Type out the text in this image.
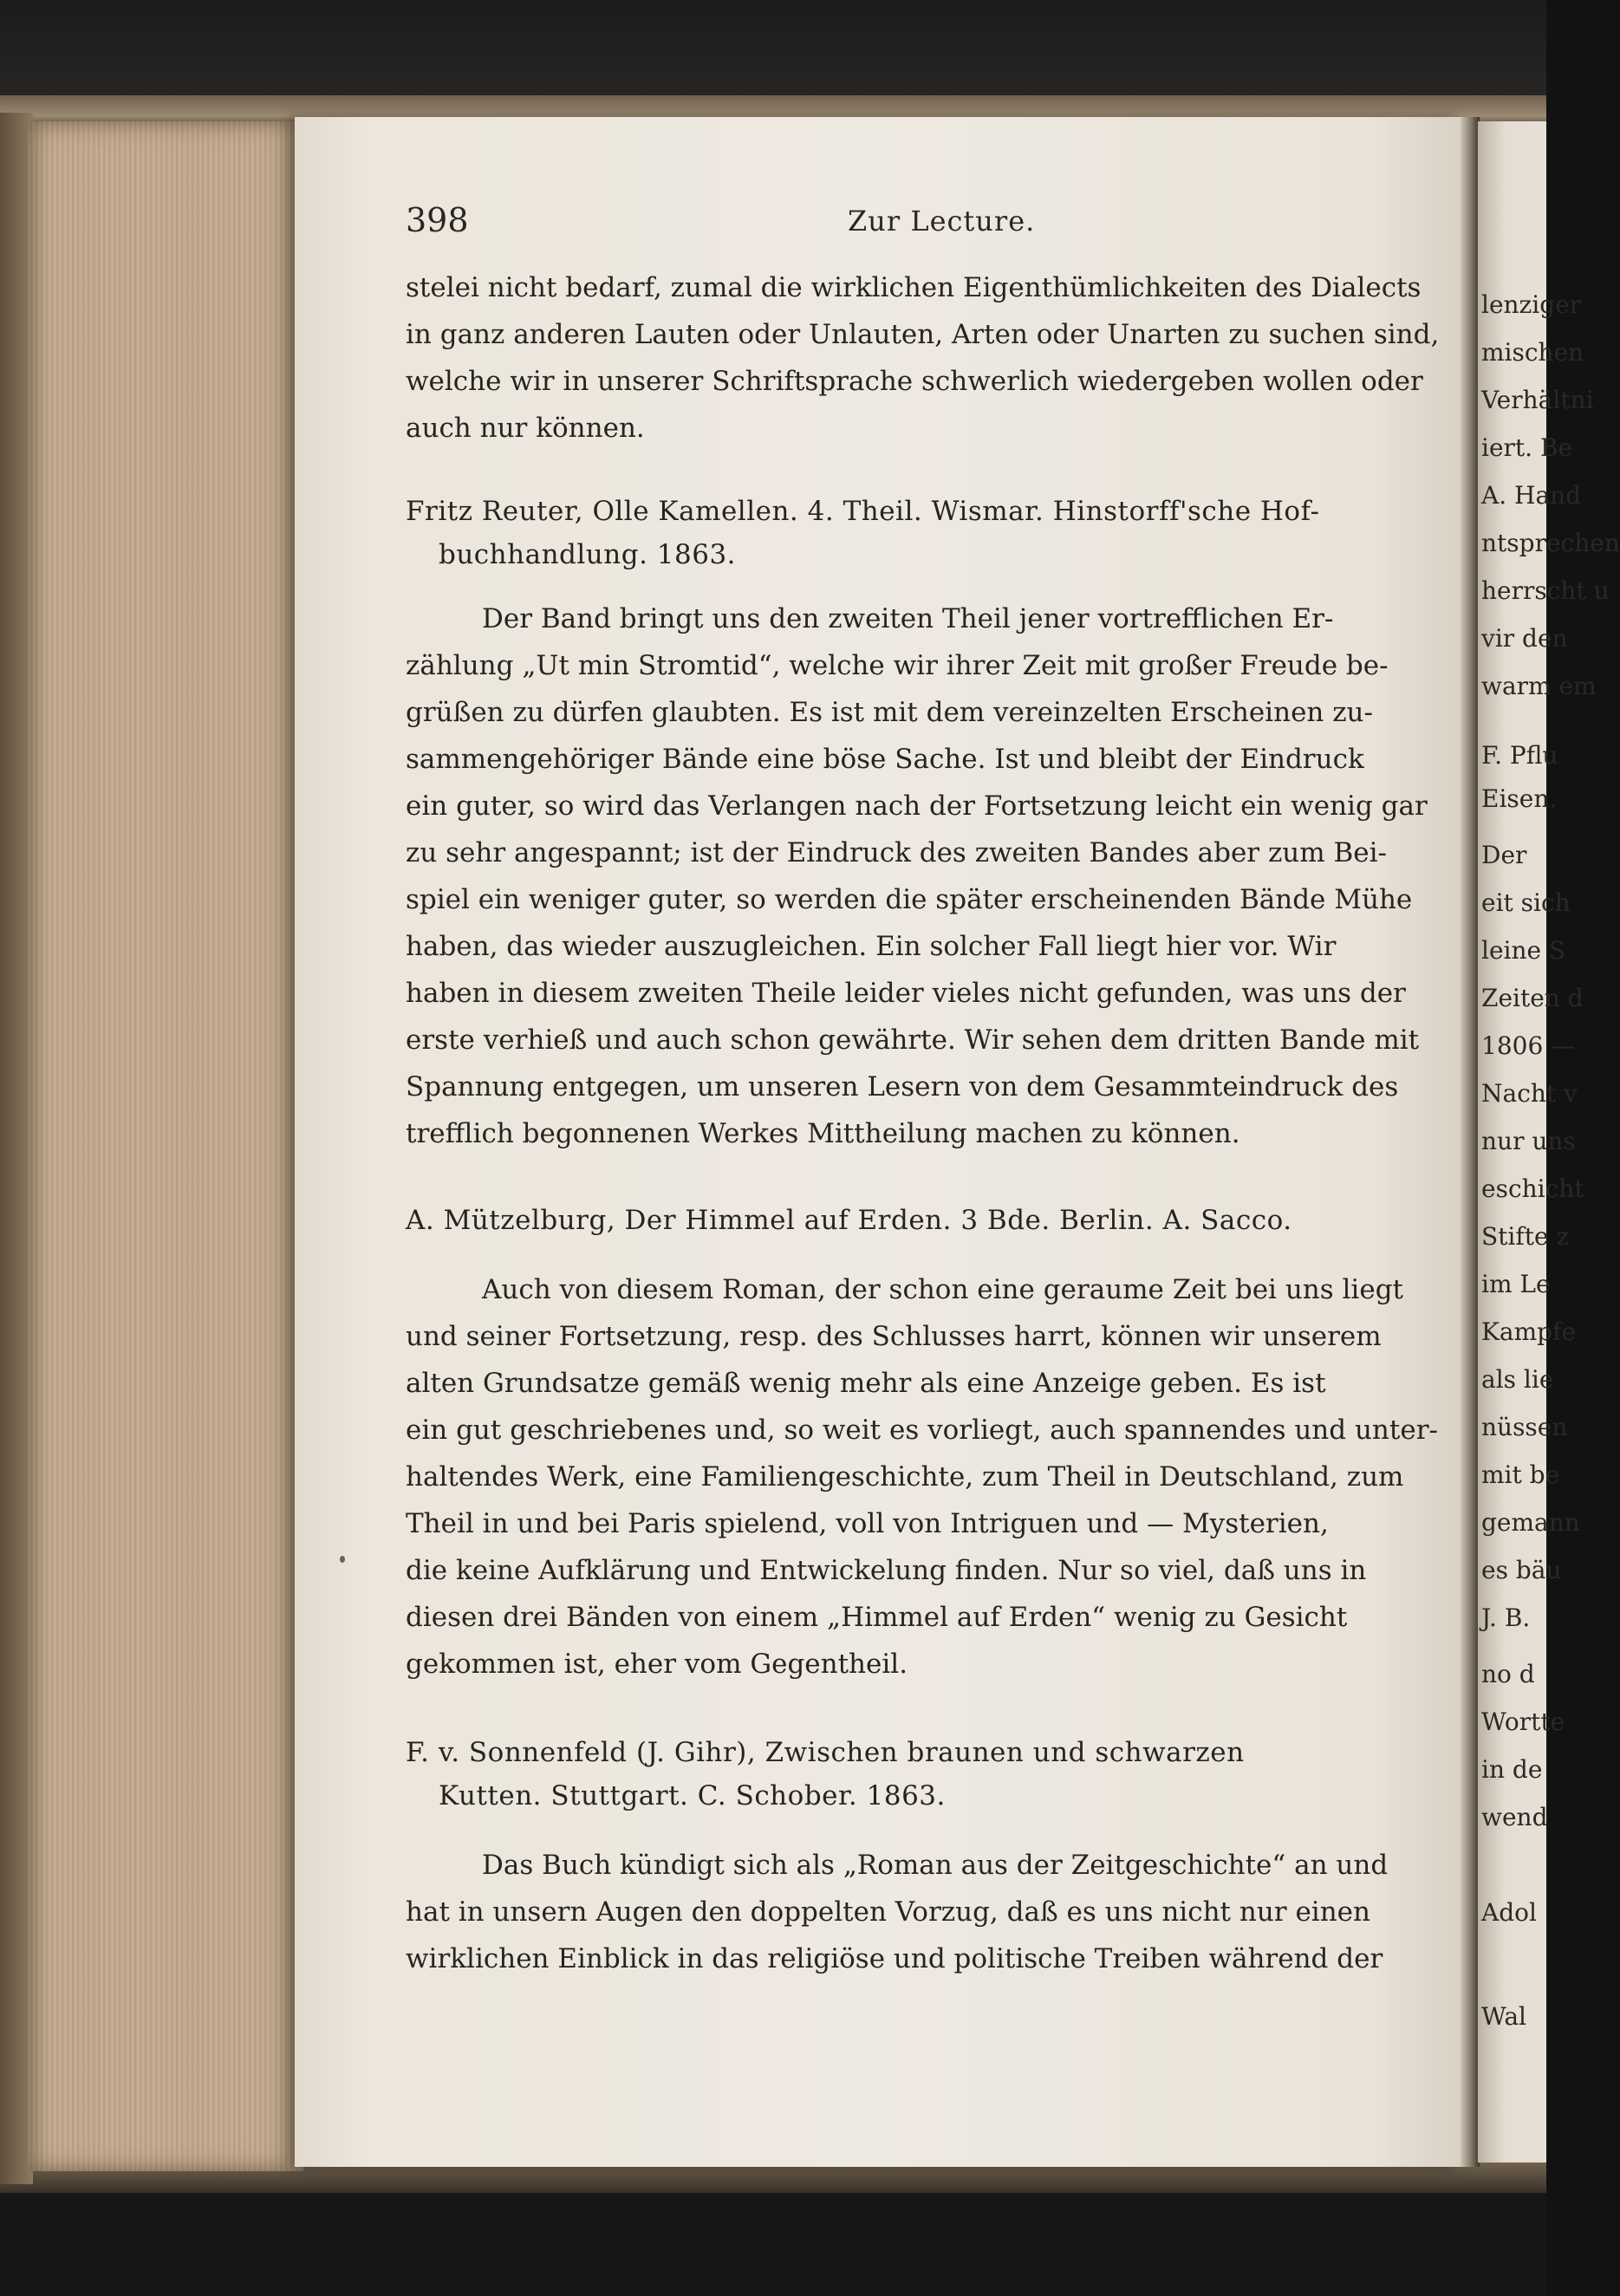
lenziger
mischen
Verhältni
iert. Be
A. Hand
ntsprechen
herrscht u
vir den
warm em
F. Pflu
Eisen.
Der
eit sich
leine S
Zeiten d
1806 —
Nacht v
nur uns
eschicht
Stifte z
im Le
Kampfe
als lie
nüssen
mit be
gemann
es bäu
J. B.
no d
Wortte
in de
wend
Adol
Wal
398	Zur Lecture.
stelei nicht bedarf, zumal die wirklichen Eigenthümlichkeiten des Dialects
in ganz anderen Lauten oder Unlauten, Arten oder Unarten zu suchen sind,
welche wir in unserer Schriftsprache schwerlich wiedergeben wollen oder
auch nur können.
Fritz Reuter, Olle Kamellen. 4. Theil. Wismar. Hinstorff'sche Hof-
buchhandlung. 1863.
Der Band bringt uns den zweiten Theil jener vortrefflichen Er-
zählung „Ut min Stromtid“, welche wir ihrer Zeit mit großer Freude be-
grüßen zu dürfen glaubten. Es ist mit dem vereinzelten Erscheinen zu-
sammengehöriger Bände eine böse Sache. Ist und bleibt der Eindruck
ein guter, so wird das Verlangen nach der Fortsetzung leicht ein wenig gar
zu sehr angespannt; ist der Eindruck des zweiten Bandes aber zum Bei-
spiel ein weniger guter, so werden die später erscheinenden Bände Mühe
haben, das wieder auszugleichen. Ein solcher Fall liegt hier vor. Wir
haben in diesem zweiten Theile leider vieles nicht gefunden, was uns der
erste verhieß und auch schon gewährte. Wir sehen dem dritten Bande mit
Spannung entgegen, um unseren Lesern von dem Gesammteindruck des
trefflich begonnenen Werkes Mittheilung machen zu können.
A. Mützelburg, Der Himmel auf Erden. 3 Bde. Berlin. A. Sacco.
Auch von diesem Roman, der schon eine geraume Zeit bei uns liegt
und seiner Fortsetzung, resp. des Schlusses harrt, können wir unserem
alten Grundsatze gemäß wenig mehr als eine Anzeige geben. Es ist
ein gut geschriebenes und, so weit es vorliegt, auch spannendes und unter-
haltendes Werk, eine Familiengeschichte, zum Theil in Deutschland, zum
Theil in und bei Paris spielend, voll von Intriguen und — Mysterien,
die keine Aufklärung und Entwickelung finden. Nur so viel, daß uns in
diesen drei Bänden von einem „Himmel auf Erden“ wenig zu Gesicht
gekommen ist, eher vom Gegentheil.
F. v. Sonnenfeld (J. Gihr), Zwischen braunen und schwarzen
Kutten. Stuttgart. C. Schober. 1863.
Das Buch kündigt sich als „Roman aus der Zeitgeschichte“ an und
hat in unsern Augen den doppelten Vorzug, daß es uns nicht nur einen
wirklichen Einblick in das religiöse und politische Treiben während der
